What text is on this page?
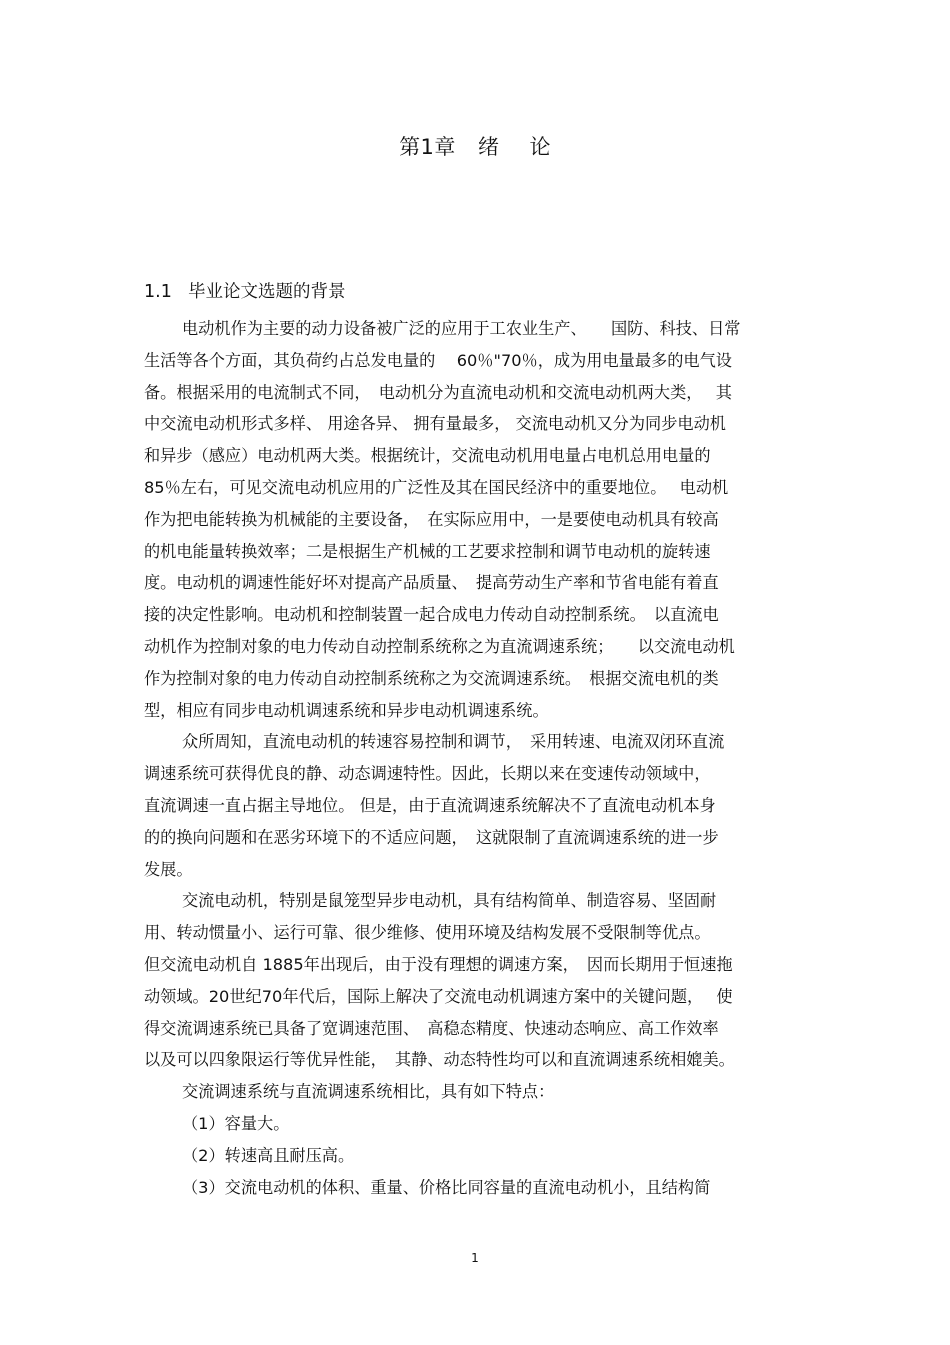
第1章 绪 论
1.1 毕业论文选题的背景
电动机作为主要的动力设备被广泛的应用于工农业生产、　　国防、科技、日常
生活等各个方面，其负荷约占总发电量的　 60％"70％，成为用电量最多的电气设
备。根据采用的电流制式不同，　电动机分为直流电动机和交流电动机两大类，　 其
中交流电动机形式多样、 用途各异、 拥有量最多， 交流电动机又分为同步电动机
和异步（感应）电动机两大类。根据统计，交流电动机用电量占电机总用电量的
85％左右，可见交流电动机应用的广泛性及其在国民经济中的重要地位。　 电动机
作为把电能转换为机械能的主要设备，　在实际应用中，一是要使电动机具有较高
的机电能量转换效率；二是根据生产机械的工艺要求控制和调节电动机的旋转速
度。电动机的调速性能好坏对提高产品质量、　提高劳动生产率和节省电能有着直
接的决定性影响。电动机和控制装置一起合成电力传动自动控制系统。　以直流电
动机作为控制对象的电力传动自动控制系统称之为直流调速系统；　　以交流电动机
作为控制对象的电力传动自动控制系统称之为交流调速系统。　根据交流电机的类
型，相应有同步电动机调速系统和异步电动机调速系统。
众所周知，直流电动机的转速容易控制和调节，　采用转速、电流双闭环直流
调速系统可获得优良的静、动态调速特性。因此，长期以来在变速传动领域中，
直流调速一直占据主导地位。 但是，由于直流调速系统解决不了直流电动机本身
的的换向问题和在恶劣环境下的不适应问题，　这就限制了直流调速系统的进一步
发展。
交流电动机，特别是鼠笼型异步电动机，具有结构简单、制造容易、坚固耐
用、转动惯量小、运行可靠、很少维修、使用环境及结构发展不受限制等优点。
但交流电动机自 1885年出现后，由于没有理想的调速方案，　因而长期用于恒速拖
动领域。20世纪70年代后，国际上解决了交流电动机调速方案中的关键问题，　 使
得交流调速系统已具备了宽调速范围、　高稳态精度、快速动态响应、高工作效率
以及可以四象限运行等优异性能，　其静、动态特性均可以和直流调速系统相媲美。
交流调速系统与直流调速系统相比，具有如下特点：
（1）容量大。
（2）转速高且耐压高。
（3）交流电动机的体积、重量、价格比同容量的直流电动机小，且结构简
1
